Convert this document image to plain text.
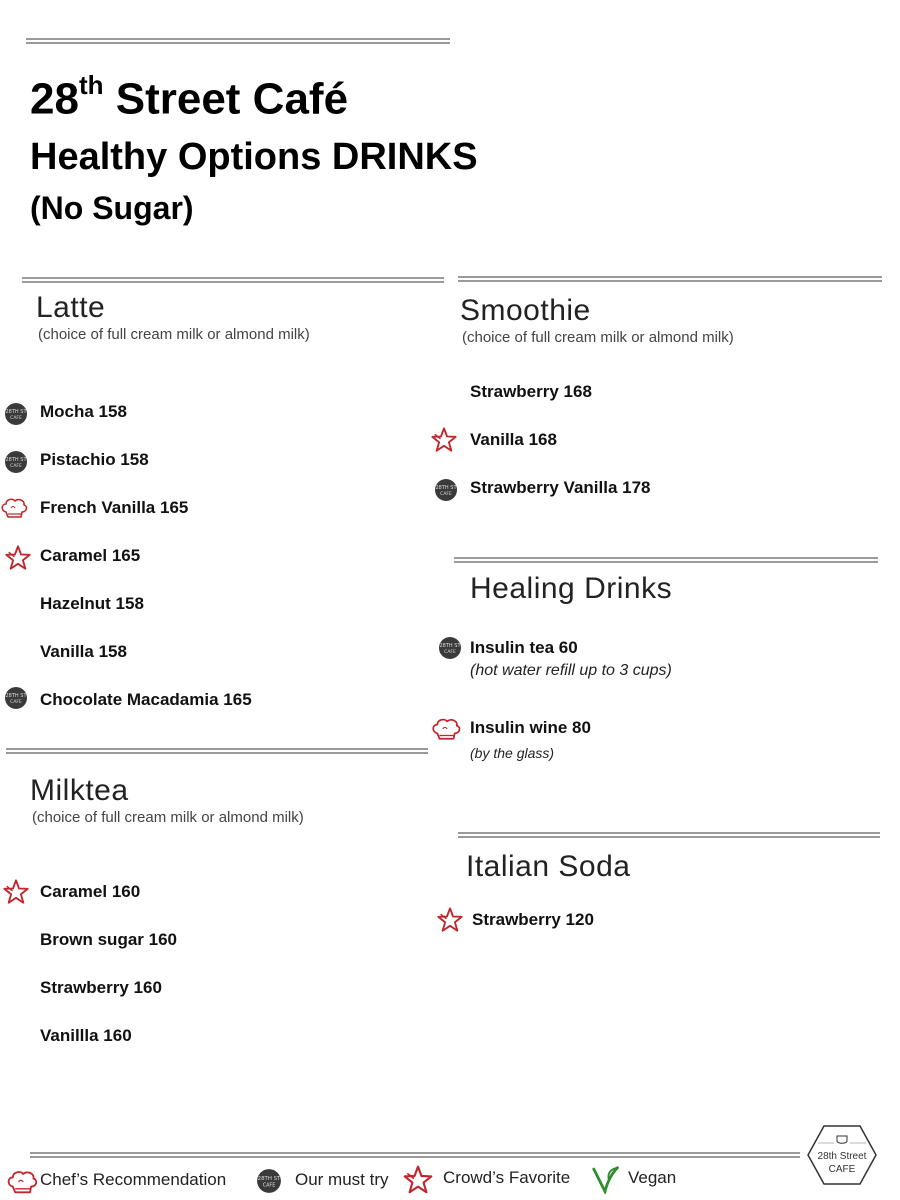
28th Street Café
Healthy Options DRINKS
(No Sugar)
Latte
(choice of full cream milk or almond milk)
Mocha 158
Pistachio 158
French Vanilla 165
Caramel 165
Hazelnut 158
Vanilla 158
Chocolate Macadamia 165
Milktea
(choice of full cream milk or almond milk)
Caramel 160
Brown sugar 160
Strawberry 160
Vanillla 160
Smoothie
(choice of full cream milk or almond milk)
Strawberry 168
Vanilla 168
Strawberry Vanilla 178
Healing Drinks
Insulin tea 60
(hot water refill up to 3 cups)
Insulin wine 80
(by the glass)
Italian Soda
Strawberry 120
Chef’s Recommendation	Our must try	Crowd’s Favorite	Vegan
28th Street
CAFE
